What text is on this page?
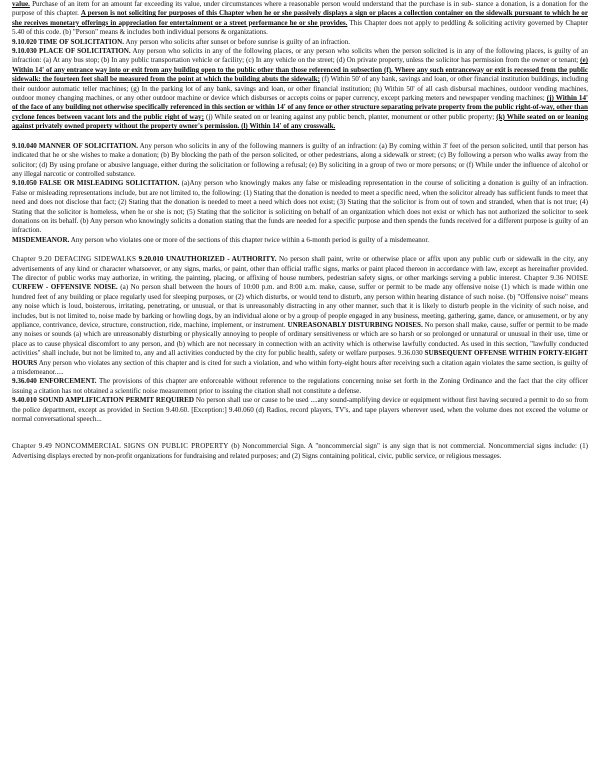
value. Purchase of an item for an amount far exceeding its value, under circumstances where a reasonable person would understand that the purchase is in sub- stance a donation, is a donation for the purpose of this chapter. A person is not soliciting for purposes of this Chapter when he or she passively displays a sign or places a collection container on the sidewalk pursuant to which he or she receives monetary offerings in appreciation for entertainment or a street performance he or she provides. This Chapter does not apply to peddling & soliciting activity governed by Chapter 5.40 of this code. (b) "Person" means & includes both individual persons & organizations.

9.10.020 TIME OF SOLICITATION. Any person who solicits after sunset or before sunrise is guilty of an infraction.

9.10.030 PLACE OF SOLICITATION. Any person who solicits in any of the following places, or any person who solicits when the person solicited is in any of the following places, is guilty of an infraction: (a) At any bus stop; (b) In any public transportation vehicle or facility; (c) In any vehicle on the street; (d) On private property, unless the solicitor has permission from the owner or tenant; (e) Within 14' of any entrance way into or exit from any building open to the public other than those referenced in subsection (f). Where any such entranceway or exit is recessed from the public sidewalk: the fourteen feet shall be measured from the point at which the building abuts the sidewalk; (f) Within 50' of any bank, savings and loan, or other financial institution buildings, including their outdoor automatic teller machines; (g) In the parking lot of any bank, savings and loan, or other financial institution; (h) Within 50' of all cash disbursal machines, outdoor vending machines, outdoor money changing machines, or any other outdoor machine or device which disburses or accepts coins or paper currency, except parking meters and newspaper vending machines; (j) Within 14' of the face of any building not otherwise specifically referenced in this section or within 14' of any fence or other structure separating private property from the public right-of-way, other than cyclone fences between vacant lots and the public right of way; (j) While seated on or leaning against any public bench, planter, monument or other public property; (k) While seated on or leaning against privately owned property without the property owner's permission. (l) Within 14' of any crosswalk.

9.10.040 MANNER OF SOLICITATION. Any person who solicits in any of the following manners is guilty of an infraction: (a) By coming within 3' feet of the person solicited, until that person has indicated that he or she wishes to make a donation; (b) By blocking the path of the person solicited, or other pedestrians, along a sidewalk or street; (c) By following a person who walks away from the solicitor; (d) By using profane or abusive language, either during the solicitation or following a refusal; (e) By soliciting in a group of two or more persons; or (f) While under the influence of alcohol or any illegal narcotic or controlled substance.

9.10.050 FALSE OR MISLEADING SOLICITATION. (a)Any person who knowingly makes any false or misleading representation in the course of soliciting a donation is guilty of an infraction. False or misleading representations include, but are not limited to, the following: (1) Stating that the donation is needed to meet a specific need, when the solicitor already has sufficient funds to meet that need and does not disclose that fact; (2) Stating that the donation is needed to meet a need which does not exist; (3) Stating that the solicitor is from out of town and stranded, when that is not true; (4) Stating that the solicitor is homeless, when he or she is not; (5) Stating that the solicitor is soliciting on behalf of an organization which does not exist or which has not authorized the solicitor to seek donations on its behalf. (b) Any person who knowingly solicits a donation stating that the funds are needed for a specific purpose and then spends the funds received for a different purpose is guilty of an infraction.

MISDEMEANOR. Any person who violates one or more of the sections of this chapter twice within a 6-month period is guilty of a misdemeanor.

Chapter 9.20 DEFACING SIDEWALKS 9.20.010 UNAUTHORIZED - AUTHORITY. No person shall paint, write or otherwise place or affix upon any public curb or sidewalk in the city, any advertisements of any kind or character whatsoever, or any signs, marks, or paint, other than official traffic signs, marks or paint placed thereon in accordance with law, except as hereinafter provided. The director of public works may authorize, in writing, the painting, placing, or affixing of house numbers, pedestrian safety signs, or other markings serving a public interest. Chapter 9.36 NOISE CURFEW - OFFENSIVE NOISE. (a) No person shall between the hours of 10:00 p.m. and 8:00 a.m. make, cause, suffer or permit to be made any offensive noise (1) which is made within one hundred feet of any building or place regularly used for sleeping purposes, or (2) which disturbs, or would tend to disturb, any person within hearing distance of such noise. (b) "Offensive noise" means any noise which is loud, boisterous, irritating, penetrating, or unusual, or that is unreasonably distracting in any other manner, such that it is likely to disturb people in the vicinity of such noise, and includes, but is not limited to, noise made by barking or howling dogs, by an individual alone or by a group of people engaged in any business, meeting, gathering, game, dance, or amusement, or by any appliance, contrivance, device, structure, construction, ride, machine, implement, or instrument. UNREASONABLY DISTURBING NOISES. No person shall make, cause, suffer or permit to be made any noises or sounds (a) which are unreasonably disturbing or physically annoying to people of ordinary sensitiveness or which are so harsh or so prolonged or unnatural or unusual in their use, time or place as to cause physical discomfort to any person, and (b) which are not necessary in connection with an activity which is otherwise lawfully conducted. As used in this section, "lawfully conducted activities" shall include, but not be limited to, any and all activities conducted by the city for public health, safety or welfare purposes. 9.36.030 SUBSEQUENT OFFENSE WITHIN FORTY-EIGHT HOURS Any person who violates any section of this chapter and is cited for such a violation, and who within forty-eight hours after receiving such a citation again violates the same section, is guilty of a misdemeanor.....

9.36.040 ENFORCEMENT. The provisions of this chapter are enforceable without reference to the regulations concerning noise set forth in the Zoning Ordinance and the fact that the city officer issuing a citation has not obtained a scientific noise measurement prior to issuing the citation shall not constitute a defense.

9.40.010 SOUND AMPLIFICATION PERMIT REQUIRED No person shall use or cause to be used ....any sound-amplifying device or equipment without first having secured a permit to do so from the police department, except as provided in Section 9.40.60. [Exception:] 9.40.060 (d) Radios, record players, TV's, and tape players wherever used, when the volume does not exceed the volume or normal conversational speech...

Chapter 9.49 NONCOMMERCIAL SIGNS ON PUBLIC PROPERTY (b) Noncommercial Sign. A "noncommercial sign" is any sign that is not commercial. Noncommercial signs include: (1) Advertising displays erected by non-profit organizations for fundraising and related purposes; and (2) Signs containing political, civic, public service, or religious messages.
